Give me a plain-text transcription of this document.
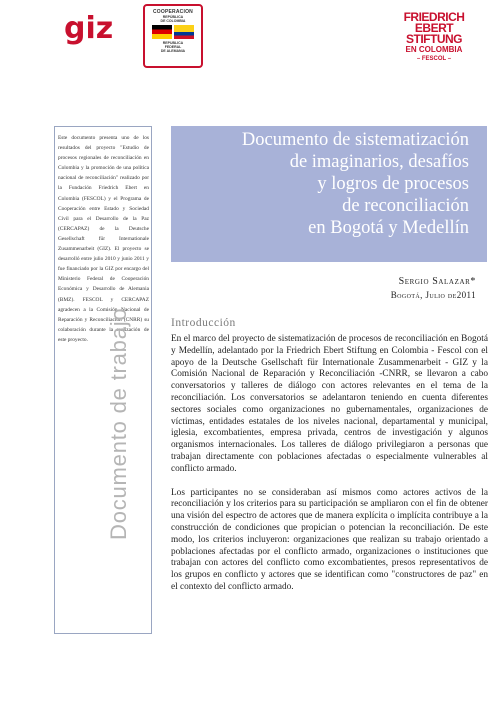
giz	COOPERACION
REPÚBLICA
DE COLOMBIA
REPUBLICA
FEDERAL
DE ALEMANIA
FRIEDRICH
EBERT
STIFTUNG
EN COLOMBIA
– FESCOL –

Este documento presenta uno de los resultados del proyecto "Estudio de procesos regionales de reconciliación en Colombia y la promoción de una política nacional de reconciliación" realizado por la Fundación Friedrich Ebert en Colombia (FESCOL) y el Programa de Cooperación entre Estado y Sociedad Civil para el Desarrollo de la Paz (CERCAPAZ) de la Deutsche Gesellschaft für Internationale Zusammenarbeit (GIZ). El proyecto se desarrolló entre julio 2010 y junio 2011 y fue financiado por la GIZ por encargo del Ministerio Federal de Cooperación Económica y Desarrollo de Alemania (BMZ). FESCOL y CERCAPAZ agradecen a la Comisión Nacional de Reparación y Reconciliación (CNRR) su colaboración durante la realización de este proyecto. Documento de trabajo
Documento de sistematización
de imaginarios, desafíos
y logros de procesos
de reconciliación
en Bogotá y Medellín
Sergio Salazar*
Bogotá, Julio de2011
Introducción

En el marco del proyecto de sistematización de procesos de reconciliación en Bogotá y Medellín, adelantado por la Friedrich Ebert Stiftung en Colombia - Fescol con el apoyo de la Deutsche Gsellschaft für Internationale Zusammenarbeit - GIZ y la Comisión Nacional de Reparación y Reconciliación -CNRR, se llevaron a cabo conversatorios y talleres de diálogo con actores relevantes en el tema de la reconciliación. Los conversatorios se adelantaron teniendo en cuenta diferentes sectores sociales como organizaciones no gubernamentales, organizaciones de víctimas, entidades estatales de los niveles nacional, departamental y municipal, iglesia, excombatientes, empresa privada, centros de investigación y algunos organismos internacionales. Los talleres de diálogo privilegiaron a personas que trabajan directamente con poblaciones afectadas o especialmente vulnerables al conflicto armado.

Los participantes no se consideraban así mismos como actores activos de la reconciliación y los criterios para su participación se ampliaron con el fin de obtener una visión del espectro de actores que de manera explícita o implícita contribuye a la construcción de condiciones que propician o potencian la reconciliación. De este modo, los criterios incluyeron: organizaciones que realizan su trabajo orientado a poblaciones afectadas por el conflicto armado, organizaciones o instituciones que trabajan con actores del conflicto como excombatientes, presos representativos de los grupos en conflicto y actores que se identifican como "constructores de paz" en el contexto del conflicto armado.
